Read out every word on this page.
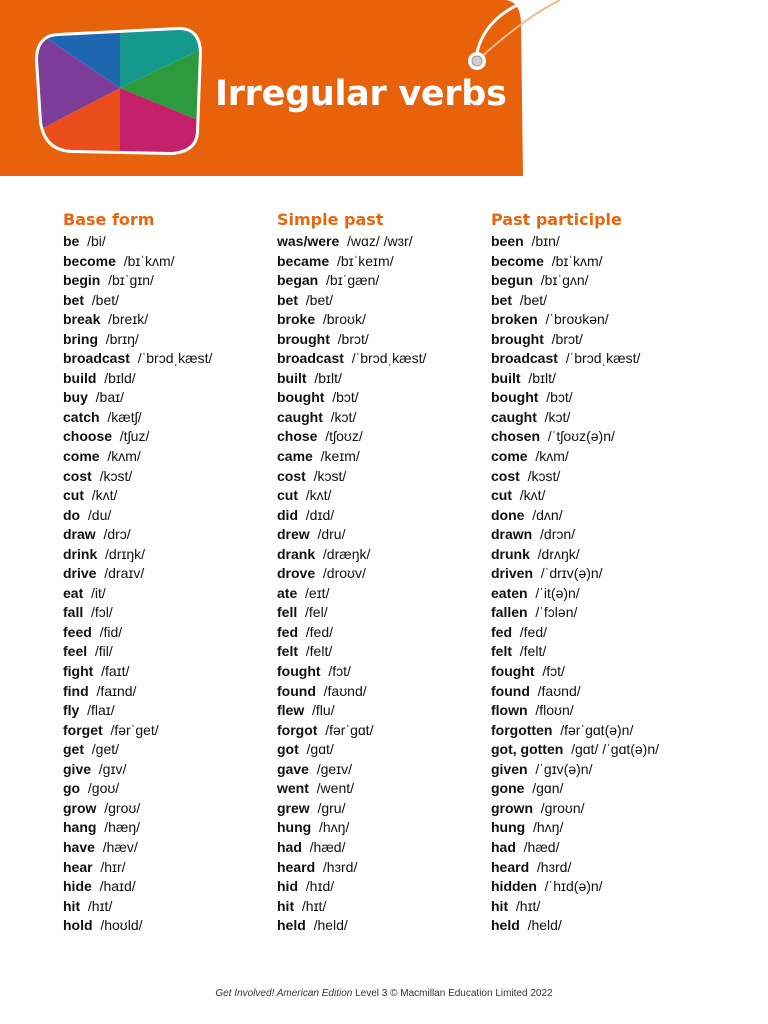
Irregular verbs
Base form
be /bi/
become /bɪˈkʌm/
begin /bɪˈɡɪn/
bet /bet/
break /breɪk/
bring /brɪŋ/
broadcast /ˈbrɔdˌkæst/
build /bɪld/
buy /baɪ/
catch /kætʃ/
choose /tʃuz/
come /kʌm/
cost /kɔst/
cut /kʌt/
do /du/
draw /drɔ/
drink /drɪŋk/
drive /draɪv/
eat /it/
fall /fɔl/
feed /fid/
feel /fil/
fight /faɪt/
find /faɪnd/
fly /flaɪ/
forget /fərˈget/
get /get/
give /gɪv/
go /goʊ/
grow /groʊ/
hang /hæŋ/
have /hæv/
hear /hɪr/
hide /haɪd/
hit /hɪt/
hold /hoʊld/
Simple past
was/were /wɑz/ /wɜr/
became /bɪˈkeɪm/
began /bɪˈɡæn/
bet /bet/
broke /broʊk/
brought /brɔt/
broadcast /ˈbrɔdˌkæst/
built /bɪlt/
bought /bɔt/
caught /kɔt/
chose /tʃoʊz/
came /keɪm/
cost /kɔst/
cut /kʌt/
did /dɪd/
drew /dru/
drank /dræŋk/
drove /droʊv/
ate /eɪt/
fell /fel/
fed /fed/
felt /felt/
fought /fɔt/
found /faʊnd/
flew /flu/
forgot /fərˈgɑt/
got /gɑt/
gave /geɪv/
went /went/
grew /gru/
hung /hʌŋ/
had /hæd/
heard /hɜrd/
hid /hɪd/
hit /hɪt/
held /held/
Past participle
been /bɪn/
become /bɪˈkʌm/
begun /bɪˈɡʌn/
bet /bet/
broken /ˈbroʊkən/
brought /brɔt/
broadcast /ˈbrɔdˌkæst/
built /bɪlt/
bought /bɔt/
caught /kɔt/
chosen /ˈtʃoʊz(ə)n/
come /kʌm/
cost /kɔst/
cut /kʌt/
done /dʌn/
drawn /drɔn/
drunk /drʌŋk/
driven /ˈdrɪv(ə)n/
eaten /ˈit(ə)n/
fallen /ˈfɔlən/
fed /fed/
felt /felt/
fought /fɔt/
found /faʊnd/
flown /floʊn/
forgotten /fərˈgɑt(ə)n/
got, gotten /gɑt/ /ˈgɑt(ə)n/
given /ˈgɪv(ə)n/
gone /gɑn/
grown /groʊn/
hung /hʌŋ/
had /hæd/
heard /hɜrd/
hidden /ˈhɪd(ə)n/
hit /hɪt/
held /held/
Get Involved! American Edition Level 3 © Macmillan Education Limited 2022
